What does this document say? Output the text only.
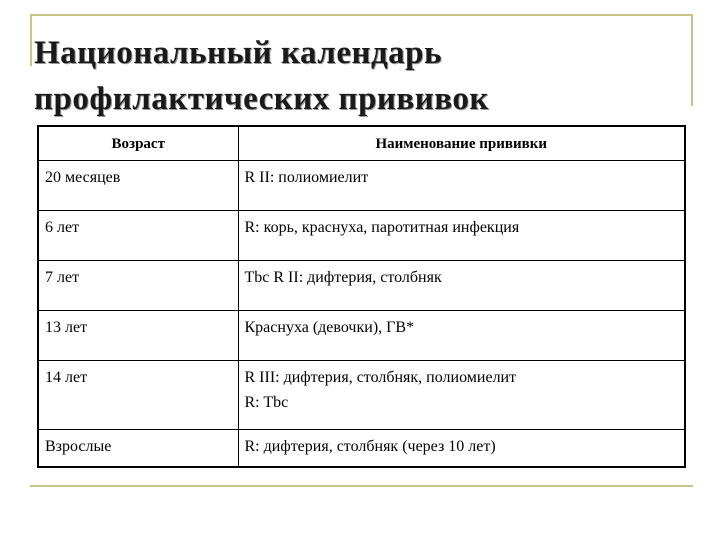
Национальный календарь
профилактических прививок
Возраст	Наименование прививки
20 месяцев	R II: полиомиелит
6 лет	R: корь, краснуха, паротитная инфекция
7 лет	Tbc R II: дифтерия, столбняк
13 лет	Краснуха (девочки), ГВ*
14 лет	R III: дифтерия, столбняк, полиомиелит
R: Tbc

Взрослые	R: дифтерия, столбняк (через 10 лет)
